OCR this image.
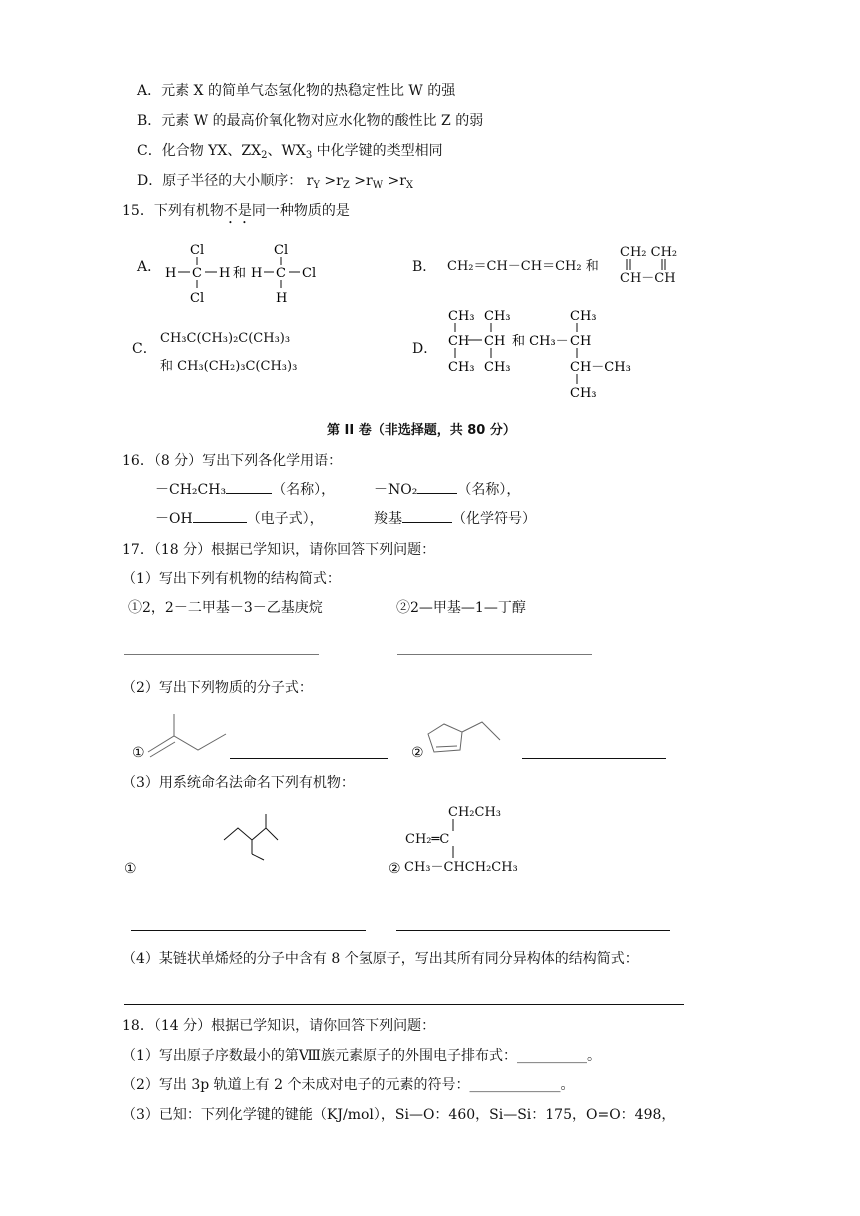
A．元素 X 的简单气态氢化物的热稳定性比 W 的强
B．元素 W 的最高价氧化物对应水化物的酸性比 Z 的弱
C．化合物 YX、$ZX_2$、$WX_3$ 中化学键的类型相同
D．原子半径的大小顺序： $r_Y >r_Z >r_W >r_X$
15．下列有机物不是同一种物质的是
A．
Cl
H C H
Cl
和
Cl
H C Cl
H
B． CH₂＝CH－CH＝CH₂ 和
CH₂ CH₂
CH－CH
C．
CH₃C(CH₃)₂C(CH₃)₃
和 CH₃(CH₂)₃C(CH₃)₃
D．
CH₃ CH₃
CH CH
CH₃ CH₃
和 CH₃－
CH₃
CH
CH－CH₃
CH₃
第 II 卷（非选择题，共 80 分）
16．（8 分）写出下列各化学用语：
－CH₂CH₃	（名称），	－NO₂	（名称），
－OH	（电子式），	羧基	（化学符号）
17．（18 分）根据已学知识，请你回答下列问题：
（1）写出下列有机物的结构简式：
①2，2－二甲基－3－乙基庚烷	②2—甲基—1—丁醇
（2）写出下列物质的分子式：
①	②
（3）用系统命名法命名下列有机物：
①	②
CH₂CH₃
CH₂═C
CH₃－CHCH₂CH₃
（4）某链状单烯烃的分子中含有 8 个氢原子，写出其所有同分异构体的结构简式：
18．（14 分）根据已学知识，请你回答下列问题：
（1）写出原子序数最小的第Ⅷ族元素原子的外围电子排布式：__________。
（2）写出 3p 轨道上有 2 个未成对电子的元素的符号：_____________。
（3）已知：下列化学键的键能（KJ/mol），Si—O：460，Si—Si：175，O=O：498，
